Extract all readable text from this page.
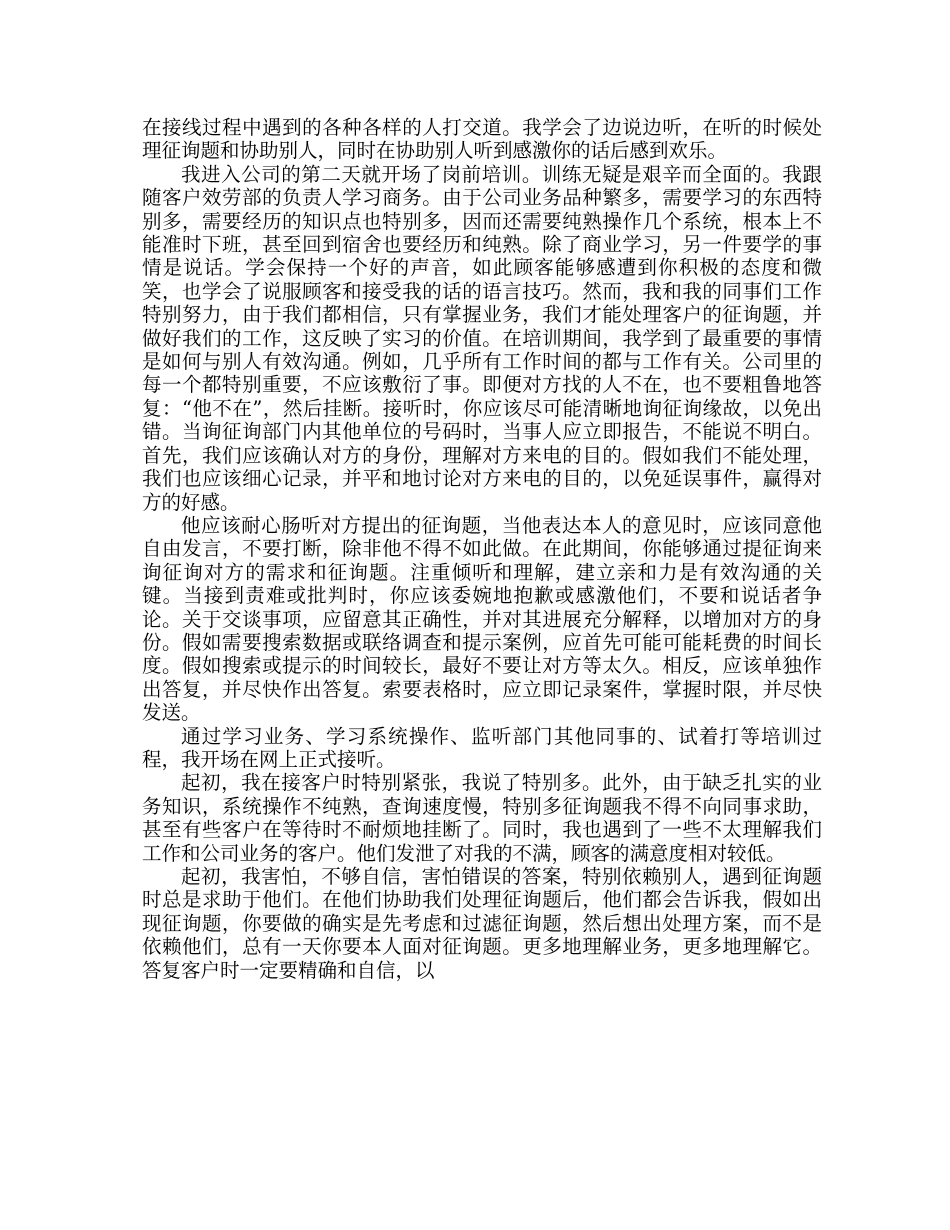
在接线过程中遇到的各种各样的人打交道。我学会了边说边听，在听的时候处理征询题和协助别人，同时在协助别人听到感激你的话后感到欢乐。

我进入公司的第二天就开场了岗前培训。训练无疑是艰辛而全面的。我跟随客户效劳部的负责人学习商务。由于公司业务品种繁多，需要学习的东西特别多，需要经历的知识点也特别多，因而还需要纯熟操作几个系统，根本上不能准时下班，甚至回到宿舍也要经历和纯熟。除了商业学习，另一件要学的事情是说话。学会保持一个好的声音，如此顾客能够感遭到你积极的态度和微笑，也学会了说服顾客和接受我的话的语言技巧。然而，我和我的同事们工作特别努力，由于我们都相信，只有掌握业务，我们才能处理客户的征询题，并做好我们的工作，这反映了实习的价值。在培训期间，我学到了最重要的事情是如何与别人有效沟通。例如，几乎所有工作时间的都与工作有关。公司里的每一个都特别重要，不应该敷衍了事。即便对方找的人不在，也不要粗鲁地答复：“他不在”，然后挂断。接听时，你应该尽可能清晰地询征询缘故，以免出错。当询征询部门内其他单位的号码时，当事人应立即报告，不能说不明白。首先，我们应该确认对方的身份，理解对方来电的目的。假如我们不能处理，我们也应该细心记录，并平和地讨论对方来电的目的，以免延误事件，赢得对方的好感。

他应该耐心肠听对方提出的征询题，当他表达本人的意见时，应该同意他自由发言，不要打断，除非他不得不如此做。在此期间，你能够通过提征询来询征询对方的需求和征询题。注重倾听和理解，建立亲和力是有效沟通的关键。当接到责难或批判时，你应该委婉地抱歉或感激他们，不要和说话者争论。关于交谈事项，应留意其正确性，并对其进展充分解释，以增加对方的身份。假如需要搜索数据或联络调查和提示案例，应首先可能可能耗费的时间长度。假如搜索或提示的时间较长，最好不要让对方等太久。相反，应该单独作出答复，并尽快作出答复。索要表格时，应立即记录案件，掌握时限，并尽快发送。

通过学习业务、学习系统操作、监听部门其他同事的、试着打等培训过程，我开场在网上正式接听。

起初，我在接客户时特别紧张，我说了特别多。此外，由于缺乏扎实的业务知识，系统操作不纯熟，查询速度慢，特别多征询题我不得不向同事求助，甚至有些客户在等待时不耐烦地挂断了。同时，我也遇到了一些不太理解我们工作和公司业务的客户。他们发泄了对我的不满，顾客的满意度相对较低。

起初，我害怕，不够自信，害怕错误的答案，特别依赖别人，遇到征询题时总是求助于他们。在他们协助我们处理征询题后，他们都会告诉我，假如出现征询题，你要做的确实是先考虑和过滤征询题，然后想出处理方案，而不是依赖他们，总有一天你要本人面对征询题。更多地理解业务，更多地理解它。答复客户时一定要精确和自信，以
